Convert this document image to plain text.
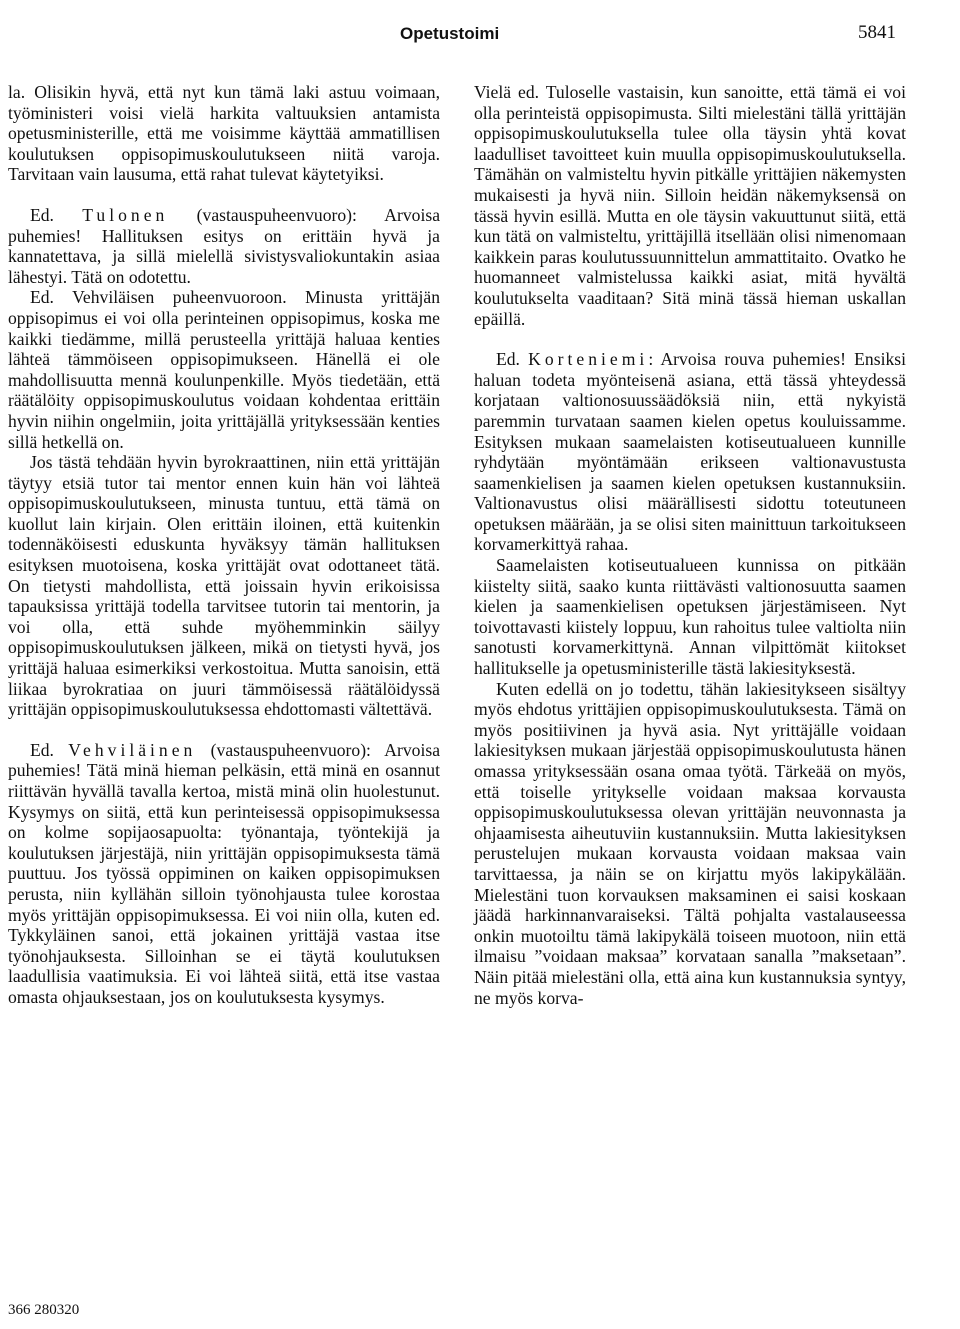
Opetustoimi	5841

la. Olisikin hyvä, että nyt kun tämä laki astuu voimaan, työministeri voisi vielä harkita valtuuksien antamista opetusministerille, että me voisimme käyttää ammatillisen koulutuksen oppisopimuskoulutukseen niitä varoja. Tarvitaan vain lausuma, että rahat tulevat käytetyiksi.

Ed. Tulonen (vastauspuheenvuoro): Arvoisa puhemies! Hallituksen esitys on erittäin hyvä ja kannatettava, ja sillä mielellä sivistysvaliokuntakin asiaa lähestyi. Tätä on odotettu.

Ed. Vehviläisen puheenvuoroon. Minusta yrittäjän oppisopimus ei voi olla perinteinen oppisopimus, koska me kaikki tiedämme, millä perusteella yrittäjä haluaa kenties lähteä tämmöiseen oppisopimukseen. Hänellä ei ole mahdollisuutta mennä koulunpenkille. Myös tiedetään, että räätälöity oppisopimuskoulutus voidaan kohdentaa erittäin hyvin niihin ongelmiin, joita yrittäjällä yrityksessään kenties sillä hetkellä on.

Jos tästä tehdään hyvin byrokraattinen, niin että yrittäjän täytyy etsiä tutor tai mentor ennen kuin hän voi lähteä oppisopimuskoulutukseen, minusta tuntuu, että tämä on kuollut lain kirjain. Olen erittäin iloinen, että kuitenkin todennäköisesti eduskunta hyväksyy tämän hallituksen esityksen muotoisena, koska yrittäjät ovat odottaneet tätä. On tietysti mahdollista, että joissain hyvin erikoisissa tapauksissa yrittäjä todella tarvitsee tutorin tai mentorin, ja voi olla, että suhde myöhemminkin säilyy oppisopimuskoulutuksen jälkeen, mikä on tietysti hyvä, jos yrittäjä haluaa esimerkiksi verkostoitua. Mutta sanoisin, että liikaa byrokratiaa on juuri tämmöisessä räätälöidyssä yrittäjän oppisopimuskoulutuksessa ehdottomasti vältettävä.

Ed. Vehviläinen (vastauspuheenvuoro): Arvoisa puhemies! Tätä minä hieman pelkäsin, että minä en osannut riittävän hyvällä tavalla kertoa, mistä minä olin huolestunut. Kysymys on siitä, että kun perinteisessä oppisopimuksessa on kolme sopijaosapuolta: työnantaja, työntekijä ja koulutuksen järjestäjä, niin yrittäjän oppisopimuksesta tämä puuttuu. Jos työssä oppiminen on kaiken oppisopimuksen perusta, niin kyllähän silloin työnohjausta tulee korostaa myös yrittäjän oppisopimuksessa. Ei voi niin olla, kuten ed. Tykkyläinen sanoi, että jokainen yrittäjä vastaa itse työnohjauksesta. Silloinhan se ei täytä koulutuksen laadullisia vaatimuksia. Ei voi lähteä siitä, että itse vastaa omasta ohjauksestaan, jos on koulutuksesta kysymys.

Vielä ed. Tuloselle vastaisin, kun sanoitte, että tämä ei voi olla perinteistä oppisopimusta. Silti mielestäni tällä yrittäjän oppisopimuskoulutuksella tulee olla täysin yhtä kovat laadulliset tavoitteet kuin muulla oppisopimuskoulutuksella. Tämähän on valmisteltu hyvin pitkälle yrittäjien näkemysten mukaisesti ja hyvä niin. Silloin heidän näkemyksensä on tässä hyvin esillä. Mutta en ole täysin vakuuttunut siitä, että kun tätä on valmisteltu, yrittäjillä itsellään olisi nimenomaan kaikkein paras koulutussuunnittelun ammattitaito. Ovatko he huomanneet valmistelussa kaikki asiat, mitä hyvältä koulutukselta vaaditaan? Sitä minä tässä hieman uskallan epäillä.

Ed. Korteniemi: Arvoisa rouva puhemies! Ensiksi haluan todeta myönteisenä asiana, että tässä yhteydessä korjataan valtionosuussäädöksiä niin, että nykyistä paremmin turvataan saamen kielen opetus kouluissamme. Esityksen mukaan saamelaisten kotiseutualueen kunnille ryhdytään myöntämään erikseen valtionavustusta saamenkielisen ja saamen kielen opetuksen kustannuksiin. Valtionavustus olisi määrällisesti sidottu toteutuneen opetuksen määrään, ja se olisi siten mainittuun tarkoitukseen korvamerkittyä rahaa.

Saamelaisten kotiseutualueen kunnissa on pitkään kiistelty siitä, saako kunta riittävästi valtionosuutta saamen kielen ja saamenkielisen opetuksen järjestämiseen. Nyt toivottavasti kiistely loppuu, kun rahoitus tulee valtiolta niin sanotusti korvamerkittynä. Annan vilpittömät kiitokset hallitukselle ja opetusministerille tästä lakiesityksestä.

Kuten edellä on jo todettu, tähän lakiesitykseen sisältyy myös ehdotus yrittäjien oppisopimuskoulutuksesta. Tämä on myös positiivinen ja hyvä asia. Nyt yrittäjälle voidaan lakiesityksen mukaan järjestää oppisopimuskoulutusta hänen omassa yrityksessään osana omaa työtä. Tärkeää on myös, että toiselle yritykselle voidaan maksaa korvausta oppisopimuskoulutuksessa olevan yrittäjän neuvonnasta ja ohjaamisesta aiheutuviin kustannuksiin. Mutta lakiesityksen perustelujen mukaan korvausta voidaan maksaa vain tarvittaessa, ja näin se on kirjattu myös lakipykälään. Mielestäni tuon korvauksen maksaminen ei saisi koskaan jäädä harkinnanvaraiseksi. Tältä pohjalta vastalauseessa onkin muotoiltu tämä lakipykälä toiseen muotoon, niin että ilmaisu ”voidaan maksaa” korvataan sanalla ”maksetaan”. Näin pitää mielestäni olla, että aina kun kustannuksia syntyy, ne myös korva-

366 280320
